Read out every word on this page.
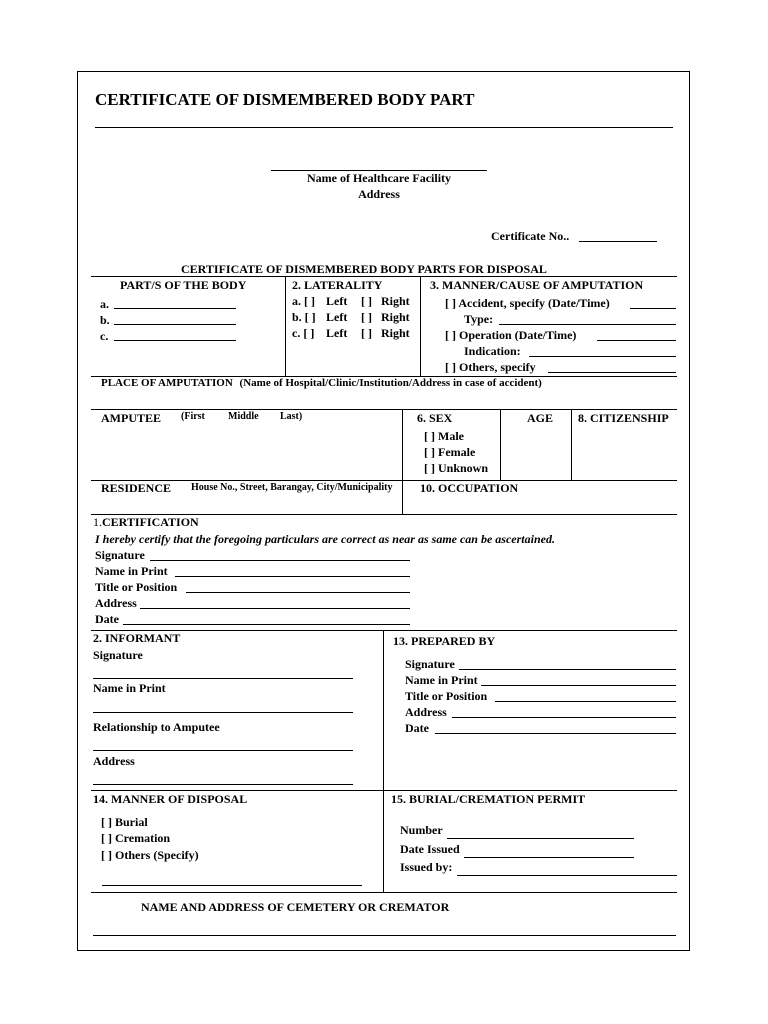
CERTIFICATE OF DISMEMBERED BODY PART
Name of Healthcare Facility
Address
Certificate No..
CERTIFICATE OF DISMEMBERED BODY PARTS FOR DISPOSAL
PART/S OF THE BODY
a.
b.
c.
2. LATERALITY
a. [ ] Left [ ] Right
b. [ ] Left [ ] Right
c. [ ] Left [ ] Right
3. MANNER/CAUSE OF AMPUTATION
[ ] Accident, specify (Date/Time)
Type:
[ ] Operation (Date/Time)
Indication:
[ ] Others, specify
PLACE OF AMPUTATION (Name of Hospital/Clinic/Institution/Address in case of accident)
AMPUTEE (First Middle Last)	6. SEX
[ ] Male
[ ] Female
[ ] Unknown
AGE 8. CITIZENSHIP
RESIDENCE House No., Street, Barangay, City/Municipality 10. OCCUPATION
1.CERTIFICATION
I hereby certify that the foregoing particulars are correct as near as same can be ascertained.
Signature
Name in Print
Title or Position
Address
Date
2. INFORMANT
Signature
Name in Print
Relationship to Amputee
Address
13. PREPARED BY
Signature
Name in Print
Title or Position
Address
Date
14. MANNER OF DISPOSAL
[ ] Burial
[ ] Cremation
[ ] Others (Specify)
15. BURIAL/CREMATION PERMIT
Number
Date Issued
Issued by:
NAME AND ADDRESS OF CEMETERY OR CREMATOR
